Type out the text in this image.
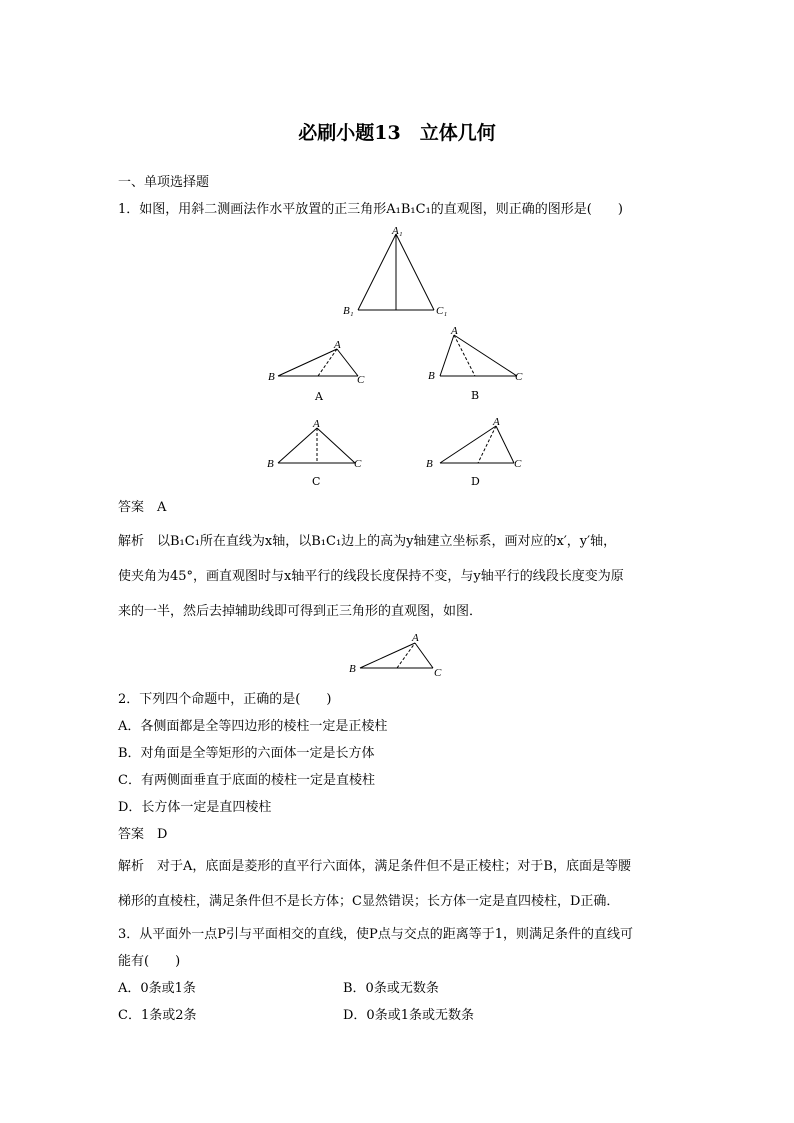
必刷小题13　立体几何
一、单项选择题
1．如图，用斜二测画法作水平放置的正三角形A₁B₁C₁的直观图，则正确的图形是(　　)
A₁
B₁	C₁
A
B	C
A
A
B	C
B
A
B	C
C
A
B	C
D
答案　A
解析　以B₁C₁所在直线为x轴，以B₁C₁边上的高为y轴建立坐标系，画对应的x′，y′轴，
使夹角为45°，画直观图时与x轴平行的线段长度保持不变，与y轴平行的线段长度变为原
来的一半，然后去掉辅助线即可得到正三角形的直观图，如图．
A
B	C
2．下列四个命题中，正确的是(　　)
A．各侧面都是全等四边形的棱柱一定是正棱柱
B．对角面是全等矩形的六面体一定是长方体
C．有两侧面垂直于底面的棱柱一定是直棱柱
D．长方体一定是直四棱柱
答案　D
解析　对于A，底面是菱形的直平行六面体，满足条件但不是正棱柱；对于B，底面是等腰
梯形的直棱柱，满足条件但不是长方体；C显然错误；长方体一定是直四棱柱，D正确．
3．从平面外一点P引与平面相交的直线，使P点与交点的距离等于1，则满足条件的直线可
能有(　　)
A．0条或1条	B．0条或无数条
C．1条或2条	D．0条或1条或无数条
